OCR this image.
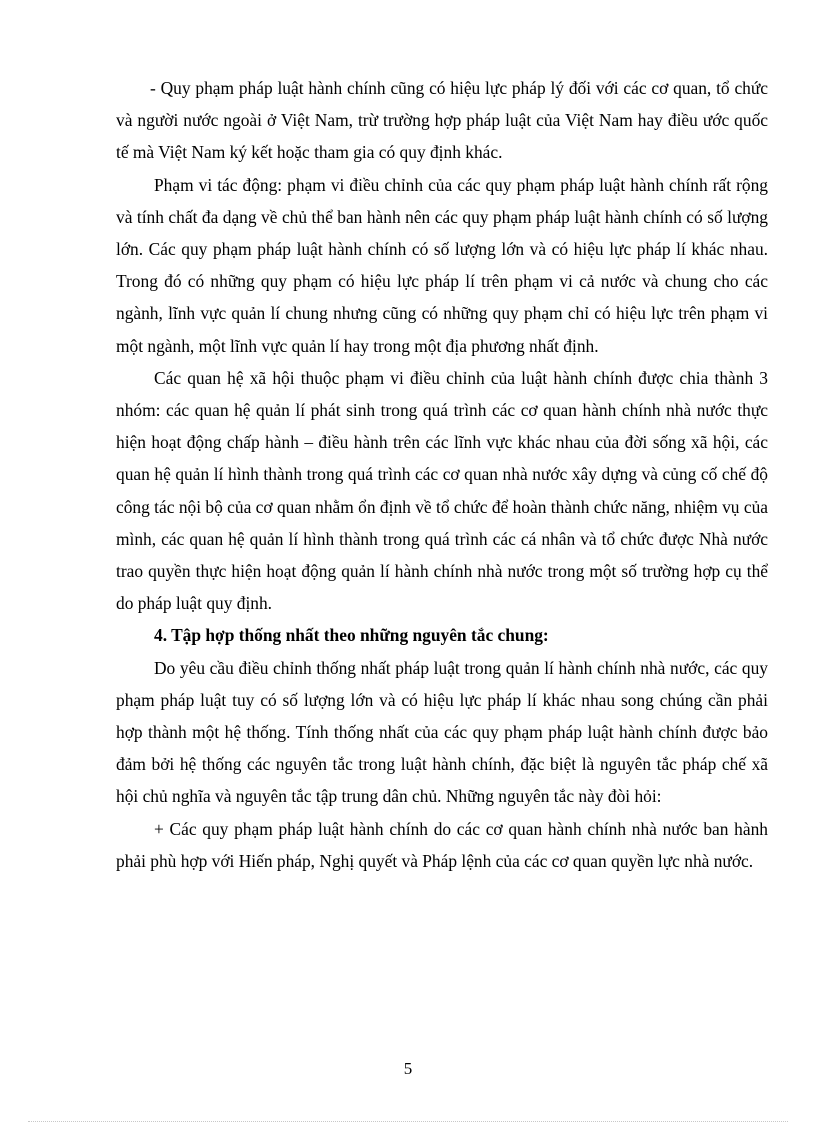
- Quy phạm pháp luật hành chính cũng có hiệu lực pháp lý đối với các cơ quan, tổ chức và người nước ngoài ở Việt Nam, trừ trường hợp pháp luật của Việt Nam hay điều ước quốc tế mà Việt Nam ký kết hoặc tham gia có quy định khác.

Phạm vi tác động: phạm vi điều chỉnh của các quy phạm pháp luật hành chính rất rộng và tính chất đa dạng về chủ thể ban hành nên các quy phạm pháp luật hành chính có số lượng lớn. Các quy phạm pháp luật hành chính có số lượng lớn và có hiệu lực pháp lí khác nhau. Trong đó có những quy phạm có hiệu lực pháp lí trên phạm vi cả nước và chung cho các ngành, lĩnh vực quản lí chung nhưng cũng có những quy phạm chỉ có hiệu lực trên phạm vi một ngành, một lĩnh vực quản lí hay trong một địa phương nhất định.

Các quan hệ xã hội thuộc phạm vi điều chỉnh của luật hành chính được chia thành 3 nhóm: các quan hệ quản lí phát sinh trong quá trình các cơ quan hành chính nhà nước thực hiện hoạt động chấp hành – điều hành trên các lĩnh vực khác nhau của đời sống xã hội, các quan hệ quản lí hình thành trong quá trình các cơ quan nhà nước xây dựng và củng cố chế độ công tác nội bộ của cơ quan nhằm ổn định về tổ chức để hoàn thành chức năng, nhiệm vụ của mình, các quan hệ quản lí hình thành trong quá trình các cá nhân và tổ chức được Nhà nước trao quyền thực hiện hoạt động quản lí hành chính nhà nước trong một số trường hợp cụ thể do pháp luật quy định.

4. Tập hợp thống nhất theo những nguyên tắc chung:

Do yêu cầu điều chỉnh thống nhất pháp luật trong quản lí hành chính nhà nước, các quy phạm pháp luật tuy có số lượng lớn và có hiệu lực pháp lí khác nhau song chúng cần phải hợp thành một hệ thống. Tính thống nhất của các quy phạm pháp luật hành chính được bảo đảm bởi hệ thống các nguyên tắc trong luật hành chính, đặc biệt là nguyên tắc pháp chế xã hội chủ nghĩa và nguyên tắc tập trung dân chủ. Những nguyên tắc này đòi hỏi:

+ Các quy phạm pháp luật hành chính do các cơ quan hành chính nhà nước ban hành phải phù hợp với Hiến pháp, Nghị quyết và Pháp lệnh của các cơ quan quyền lực nhà nước.

5
